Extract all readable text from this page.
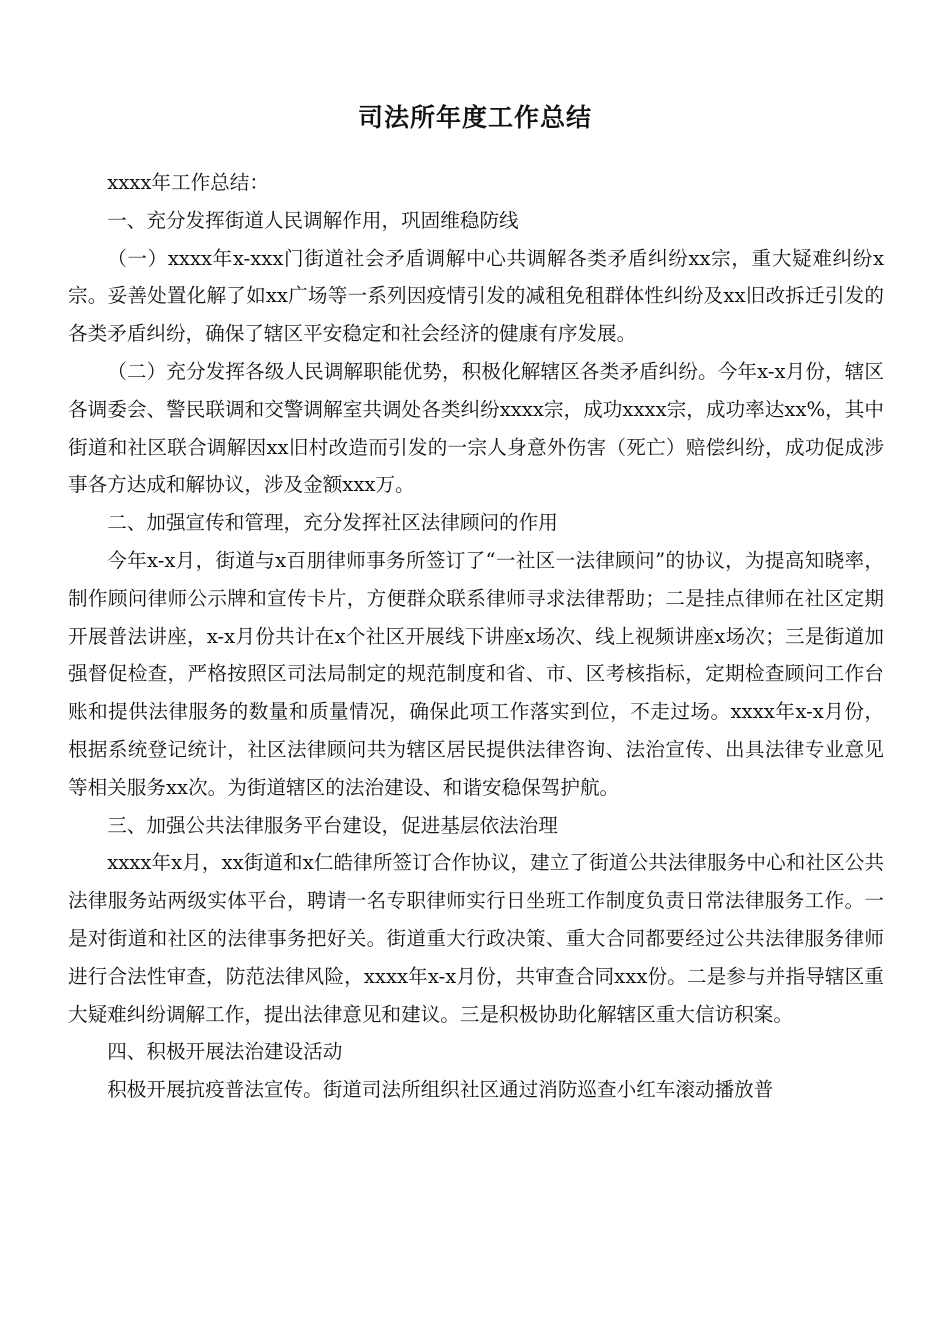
司法所年度工作总结

xxxx年工作总结：

一、充分发挥街道人民调解作用，巩固维稳防线

（一）xxxx年x-xxx门街道社会矛盾调解中心共调解各类矛盾纠纷xx宗，重大疑难纠纷x宗。妥善处置化解了如xx广场等一系列因疫情引发的减租免租群体性纠纷及xx旧改拆迁引发的各类矛盾纠纷，确保了辖区平安稳定和社会经济的健康有序发展。

（二）充分发挥各级人民调解职能优势，积极化解辖区各类矛盾纠纷。今年x-x月份，辖区各调委会、警民联调和交警调解室共调处各类纠纷xxxx宗，成功xxxx宗，成功率达xx%，其中街道和社区联合调解因xx旧村改造而引发的一宗人身意外伤害（死亡）赔偿纠纷，成功促成涉事各方达成和解协议，涉及金额xxx万。

二、加强宣传和管理，充分发挥社区法律顾问的作用

今年x-x月，街道与x百朋律师事务所签订了“一社区一法律顾问”的协议，为提高知晓率，制作顾问律师公示牌和宣传卡片，方便群众联系律师寻求法律帮助；二是挂点律师在社区定期开展普法讲座，x-x月份共计在x个社区开展线下讲座x场次、线上视频讲座x场次；三是街道加强督促检查，严格按照区司法局制定的规范制度和省、市、区考核指标，定期检查顾问工作台账和提供法律服务的数量和质量情况，确保此项工作落实到位，不走过场。xxxx年x-x月份，根据系统登记统计，社区法律顾问共为辖区居民提供法律咨询、法治宣传、出具法律专业意见等相关服务xx次。为街道辖区的法治建设、和谐安稳保驾护航。

三、加强公共法律服务平台建设，促进基层依法治理

xxxx年x月，xx街道和x仁皓律所签订合作协议，建立了街道公共法律服务中心和社区公共法律服务站两级实体平台，聘请一名专职律师实行日坐班工作制度负责日常法律服务工作。一是对街道和社区的法律事务把好关。街道重大行政决策、重大合同都要经过公共法律服务律师进行合法性审查，防范法律风险，xxxx年x-x月份，共审查合同xxx份。二是参与并指导辖区重大疑难纠纷调解工作，提出法律意见和建议。三是积极协助化解辖区重大信访积案。

四、积极开展法治建设活动

积极开展抗疫普法宣传。街道司法所组织社区通过消防巡查小红车滚动播放普
